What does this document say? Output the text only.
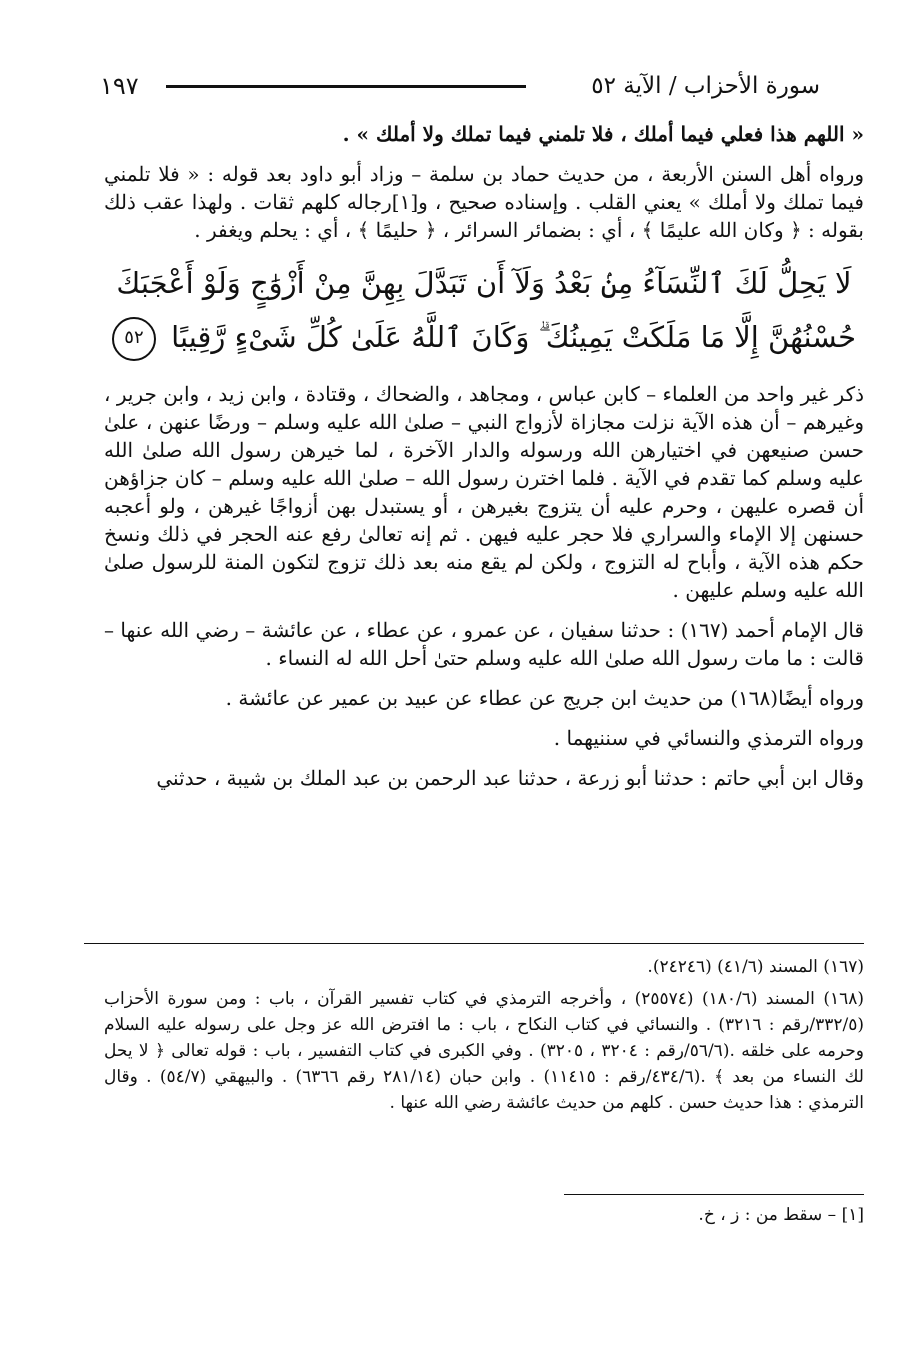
١٩٧	سورة الأحزاب / الآية ٥٢

« اللهم هذا فعلي فيما أملك ، فلا تلمني فيما تملك ولا أملك » .

ورواه أهل السنن الأربعة ، من حديث حماد بن سلمة – وزاد أبو داود بعد قوله : « فلا تلمني فيما تملك ولا أملك » يعني القلب . وإسناده صحيح ، و[١]رجاله كلهم ثقات . ولهذا عقب ذلك بقوله : ﴿ وكان الله عليمًا ﴾ ، أي : بضمائر السرائر ، ﴿ حليمًا ﴾ ، أي : يحلم ويغفر .

لَا يَحِلُّ لَكَ ٱلنِّسَآءُ مِنۢ بَعْدُ وَلَآ أَن تَبَدَّلَ بِهِنَّ مِنْ أَزْوَٰجٍ وَلَوْ أَعْجَبَكَ حُسْنُهُنَّ إِلَّا مَا مَلَكَتْ يَمِينُكَ ۗ وَكَانَ ٱللَّهُ عَلَىٰ كُلِّ شَىْءٍ رَّقِيبًا ٥٢

ذكر غير واحد من العلماء – كابن عباس ، ومجاهد ، والضحاك ، وقتادة ، وابن زيد ، وابن جرير ، وغيرهم – أن هذه الآية نزلت مجازاة لأزواج النبي – صلىٰ الله عليه وسلم – ورضًا عنهن ، علىٰ حسن صنيعهن في اختيارهن الله ورسوله والدار الآخرة ، لما خيرهن رسول الله صلىٰ الله عليه وسلم كما تقدم في الآية . فلما اخترن رسول الله – صلىٰ الله عليه وسلم – كان جزاؤهن أن قصره عليهن ، وحرم عليه أن يتزوج بغيرهن ، أو يستبدل بهن أزواجًا غيرهن ، ولو أعجبه حسنهن إلا الإماء والسراري فلا حجر عليه فيهن . ثم إنه تعالىٰ رفع عنه الحجر في ذلك ونسخ حكم هذه الآية ، وأباح له التزوج ، ولكن لم يقع منه بعد ذلك تزوج لتكون المنة للرسول صلىٰ الله عليه وسلم عليهن .

قال الإمام أحمد (١٦٧) : حدثنا سفيان ، عن عمرو ، عن عطاء ، عن عائشة – رضي الله عنها – قالت : ما مات رسول الله صلىٰ الله عليه وسلم حتىٰ أحل الله له النساء .

ورواه أيضًا(١٦٨) من حديث ابن جريج عن عطاء عن عبيد بن عمير عن عائشة .

ورواه الترمذي والنسائي في سننيهما .

وقال ابن أبي حاتم : حدثنا أبو زرعة ، حدثنا عبد الرحمن بن عبد الملك بن شيبة ، حدثني

(١٦٧) المسند (٤١/٦) (٢٤٢٤٦).

(١٦٨) المسند (١٨٠/٦) (٢٥٥٧٤) ، وأخرجه الترمذي في كتاب تفسير القرآن ، باب : ومن سورة الأحزاب (٣٣٢/٥/رقم : ٣٢١٦) . والنسائي في كتاب النكاح ، باب : ما افترض الله عز وجل على رسوله عليه السلام وحرمه على خلقه .(٥٦/٦/رقم : ٣٢٠٤ ، ٣٢٠٥) . وفي الكبرى في كتاب التفسير ، باب : قوله تعالى ﴿ لا يحل لك النساء من بعد ﴾ .(٤٣٤/٦/رقم : ١١٤١٥) . وابن حبان (٢٨١/١٤ رقم ٦٣٦٦) . والبيهقي (٥٤/٧) . وقال الترمذي : هذا حديث حسن . كلهم من حديث عائشة رضي الله عنها .

[١] – سقط من : ز ، خ.
